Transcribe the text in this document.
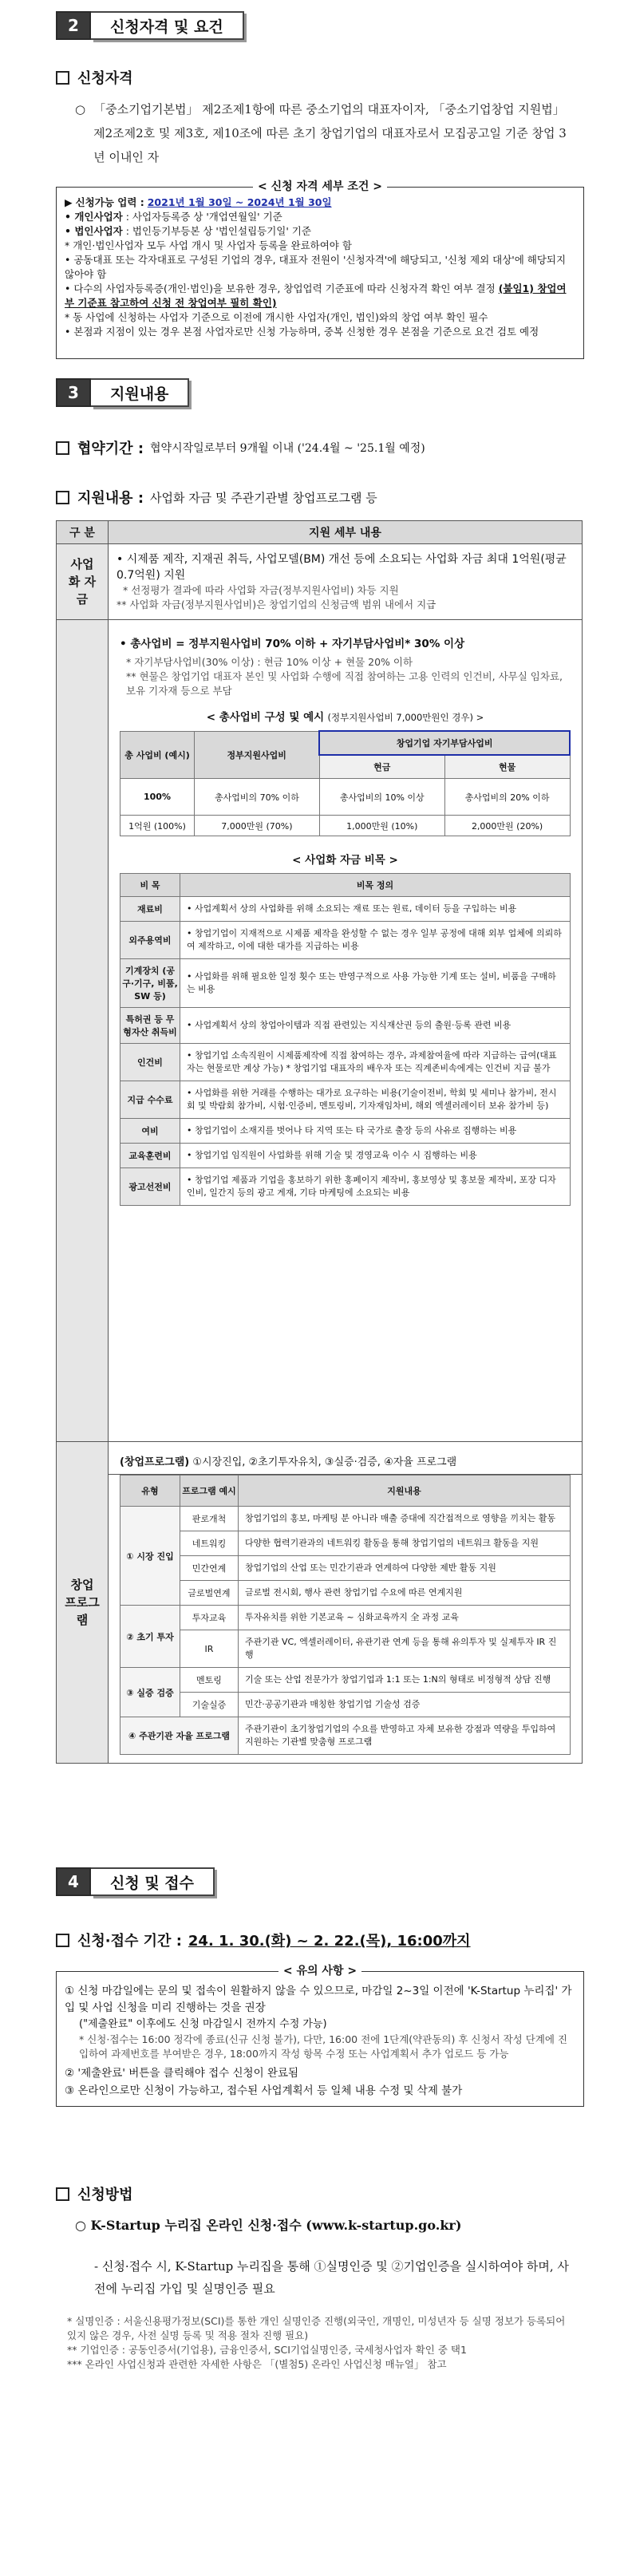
2	신청자격 및 요건
신청자격
○ 「중소기업기본법」 제2조제1항에 따른 중소기업의 대표자이자, 「중소기업창업 지원법」 제2조제2호 및 제3호, 제10조에 따른 초기 창업기업의 대표자로서 모집공고일 기준 창업 3년 이내인 자
< 신청 자격 세부 조건 >
▶ 신청가능 업력 : 2021년 1월 30일 ~ 2024년 1월 30일
• 개인사업자 : 사업자등록증 상 '개업연월일' 기준
• 법인사업자 : 법인등기부등본 상 '법인설립등기일' 기준
* 개인·법인사업자 모두 사업 개시 및 사업자 등록을 완료하여야 함
• 공동대표 또는 각자대표로 구성된 기업의 경우, 대표자 전원이 '신청자격'에 해당되고, '신청 제외 대상'에 해당되지 않아야 함
• 다수의 사업자등록증(개인·법인)을 보유한 경우, 창업업력 기준표에 따라 신청자격 확인 여부 결정 (붙임1) 창업여부 기준표 참고하여 신청 전 창업여부 필히 확인)
* 동 사업에 신청하는 사업자 기준으로 이전에 개시한 사업자(개인, 법인)와의 창업 여부 확인 필수
• 본점과 지점이 있는 경우 본점 사업자로만 신청 가능하며, 중복 신청한 경우 본점을 기준으로 요건 검토 예정
3	지원내용
협약기간 : 협약시작일로부터 9개월 이내 ('24.4월 ~ '25.1월 예정)
지원내용 : 사업화 자금 및 주관기관별 창업프로그램 등
구 분	지원 세부 내용

사업화 자금

• 시제품 제작, 지재권 취득, 사업모델(BM) 개선 등에 소요되는 사업화 자금 최대 1억원(평균 0.7억원) 지원
* 선정평가 결과에 따라 사업화 자금(정부지원사업비) 차등 지원
** 사업화 자금(정부지원사업비)은 창업기업의 신청금액 범위 내에서 지급

• 총사업비 = 정부지원사업비 70% 이하 + 자기부담사업비* 30% 이상
* 자기부담사업비(30% 이상) : 현금 10% 이상 + 현물 20% 이하
** 현물은 창업기업 대표자 본인 및 사업화 수행에 직접 참여하는 고용 인력의 인건비, 사무실 임차료, 보유 기자재 등으로 부담
< 총사업비 구성 및 예시 (정부지원사업비 7,000만원인 경우) >
총 사업비 (예시)	정부지원사업비	창업기업 자기부담사업비
현금	현물
100%	총사업비의 70% 이하	총사업비의 10% 이상	총사업비의 20% 이하
1억원 (100%)	7,000만원 (70%)	1,000만원 (10%)	2,000만원 (20%)
< 사업화 자금 비목 >
비 목	비목 정의
재료비	• 사업계획서 상의 사업화를 위해 소요되는 재료 또는 원료, 데이터 등을 구입하는 비용
외주용역비	• 창업기업이 지재적으로 시제품 제작을 완성할 수 없는 경우 일부 공정에 대해 외부 업체에 의뢰하여 제작하고, 이에 대한 대가를 지급하는 비용
기계장치 (공구·기구, 비품, SW 등)	• 사업화를 위해 필요한 일정 횟수 또는 반영구적으로 사용 가능한 기계 또는 설비, 비품을 구매하는 비용
특허권 등 무형자산 취득비	• 사업계획서 상의 창업아이템과 직접 관련있는 지식재산권 등의 출원·등록 관련 비용
인건비	• 창업기업 소속직원이 시제품제작에 직접 참여하는 경우, 과제참여율에 따라 지급하는 급여(대표자는 현물로만 계상 가능) * 창업기업 대표자의 배우자 또는 직계존비속에게는 인건비 지급 불가
지급 수수료	• 사업화를 위한 거래를 수행하는 대가로 요구하는 비용(기술이전비, 학회 및 세미나 참가비, 전시회 및 박람회 참가비, 시험·인증비, 멘토링비, 기자재임차비, 해외 엑셀러레이터 보유 참가비 등)
여비	• 창업기업이 소재지를 벗어나 타 지역 또는 타 국가로 출장 등의 사유로 집행하는 비용
교육훈련비	• 창업기업 임직원이 사업화를 위해 기술 및 경영교육 이수 시 집행하는 비용
광고선전비	• 창업기업 제품과 기업을 홍보하기 위한 홍페이지 제작비, 홍보영상 및 홍보물 제작비, 포장 디자인비, 일간지 등의 광고 게재, 기타 마케팅에 소요되는 비용
창업 프로그램

(창업프로그램) ①시장진입, ②초기투자유치, ③실증·검증, ④자율 프로그램
유형	프로그램 예시	지원내용
① 시장 진입	판로개척	창업기업의 홍보, 마케팅 분 아니라 매출 증대에 직간접적으로 영향을 끼치는 활동
네트워킹	다양한 협력기관과의 네트워킹 활동을 통해 창업기업의 네트워크 활동을 지원
민간연계	창업기업의 산업 또는 민간기관과 연계하여 다양한 제반 활동 지원
글로벌연계	글로벌 전시회, 행사 관련 창업기업 수요에 따른 연계지원
② 초기 투자	투자교육	투자유치를 위한 기본교육 ~ 심화교육까지 全 과정 교육
IR	주관기관 VC, 엑셀러레이터, 유관기관 연계 등을 통해 유의투자 및 실제투자 IR 진행
③ 실증 검증	멘토링	기술 또는 산업 전문가가 창업기업과 1:1 또는 1:N의 형태로 비정형적 상담 진행
기술실증	민간·공공기관과 매칭한 창업기업 기술성 검증
④ 주관기관 자율 프로그램	주관기관이 초기창업기업의 수요를 반영하고 자체 보유한 강점과 역량을 투입하여 지원하는 기관별 맞춤형 프로그램
4	신청 및 접수
신청·접수 기간 : 24. 1. 30.(화) ~ 2. 22.(목), 16:00까지
< 유의 사항 >
① 신청 마감일에는 문의 및 접속이 원활하지 않을 수 있으므로, 마감일 2~3일 이전에 'K-Startup 누리집' 가입 및 사업 신청을 미리 진행하는 것을 권장
("제출완료" 이후에도 신청 마감일시 전까지 수정 가능)
* 신청·접수는 16:00 정각에 종료(신규 신청 불가), 다만, 16:00 전에 1단계(약관동의) 후 신청서 작성 단계에 진입하여 과제번호를 부여받은 경우, 18:00까지 작성 항목 수정 또는 사업계획서 추가 업로드 등 가능
② '제출완료' 버튼을 클릭해야 접수 신청이 완료됨
③ 온라인으로만 신청이 가능하고, 접수된 사업계획서 등 일체 내용 수정 및 삭제 불가
신청방법
○ K-Startup 누리집 온라인 신청·접수 (www.k-startup.go.kr)
- 신청·접수 시, K-Startup 누리집을 통해 ①실명인증 및 ②기업인증을 실시하여야 하며, 사전에 누리집 가입 및 실명인증 필요
* 실명인증 : 서울신용평가정보(SCI)를 통한 개인 실명인증 진행(외국인, 개명인, 미성년자 등 실명 정보가 등록되어 있지 않은 경우, 사전 실명 등록 및 적용 절차 진행 필요)
** 기업인증 : 공동인증서(기업용), 금융인증서, SCI기업실명인증, 국세청사업자 확인 중 택1
*** 온라인 사업신청과 관련한 자세한 사항은 「(별첨5) 온라인 사업신청 매뉴얼」 참고
